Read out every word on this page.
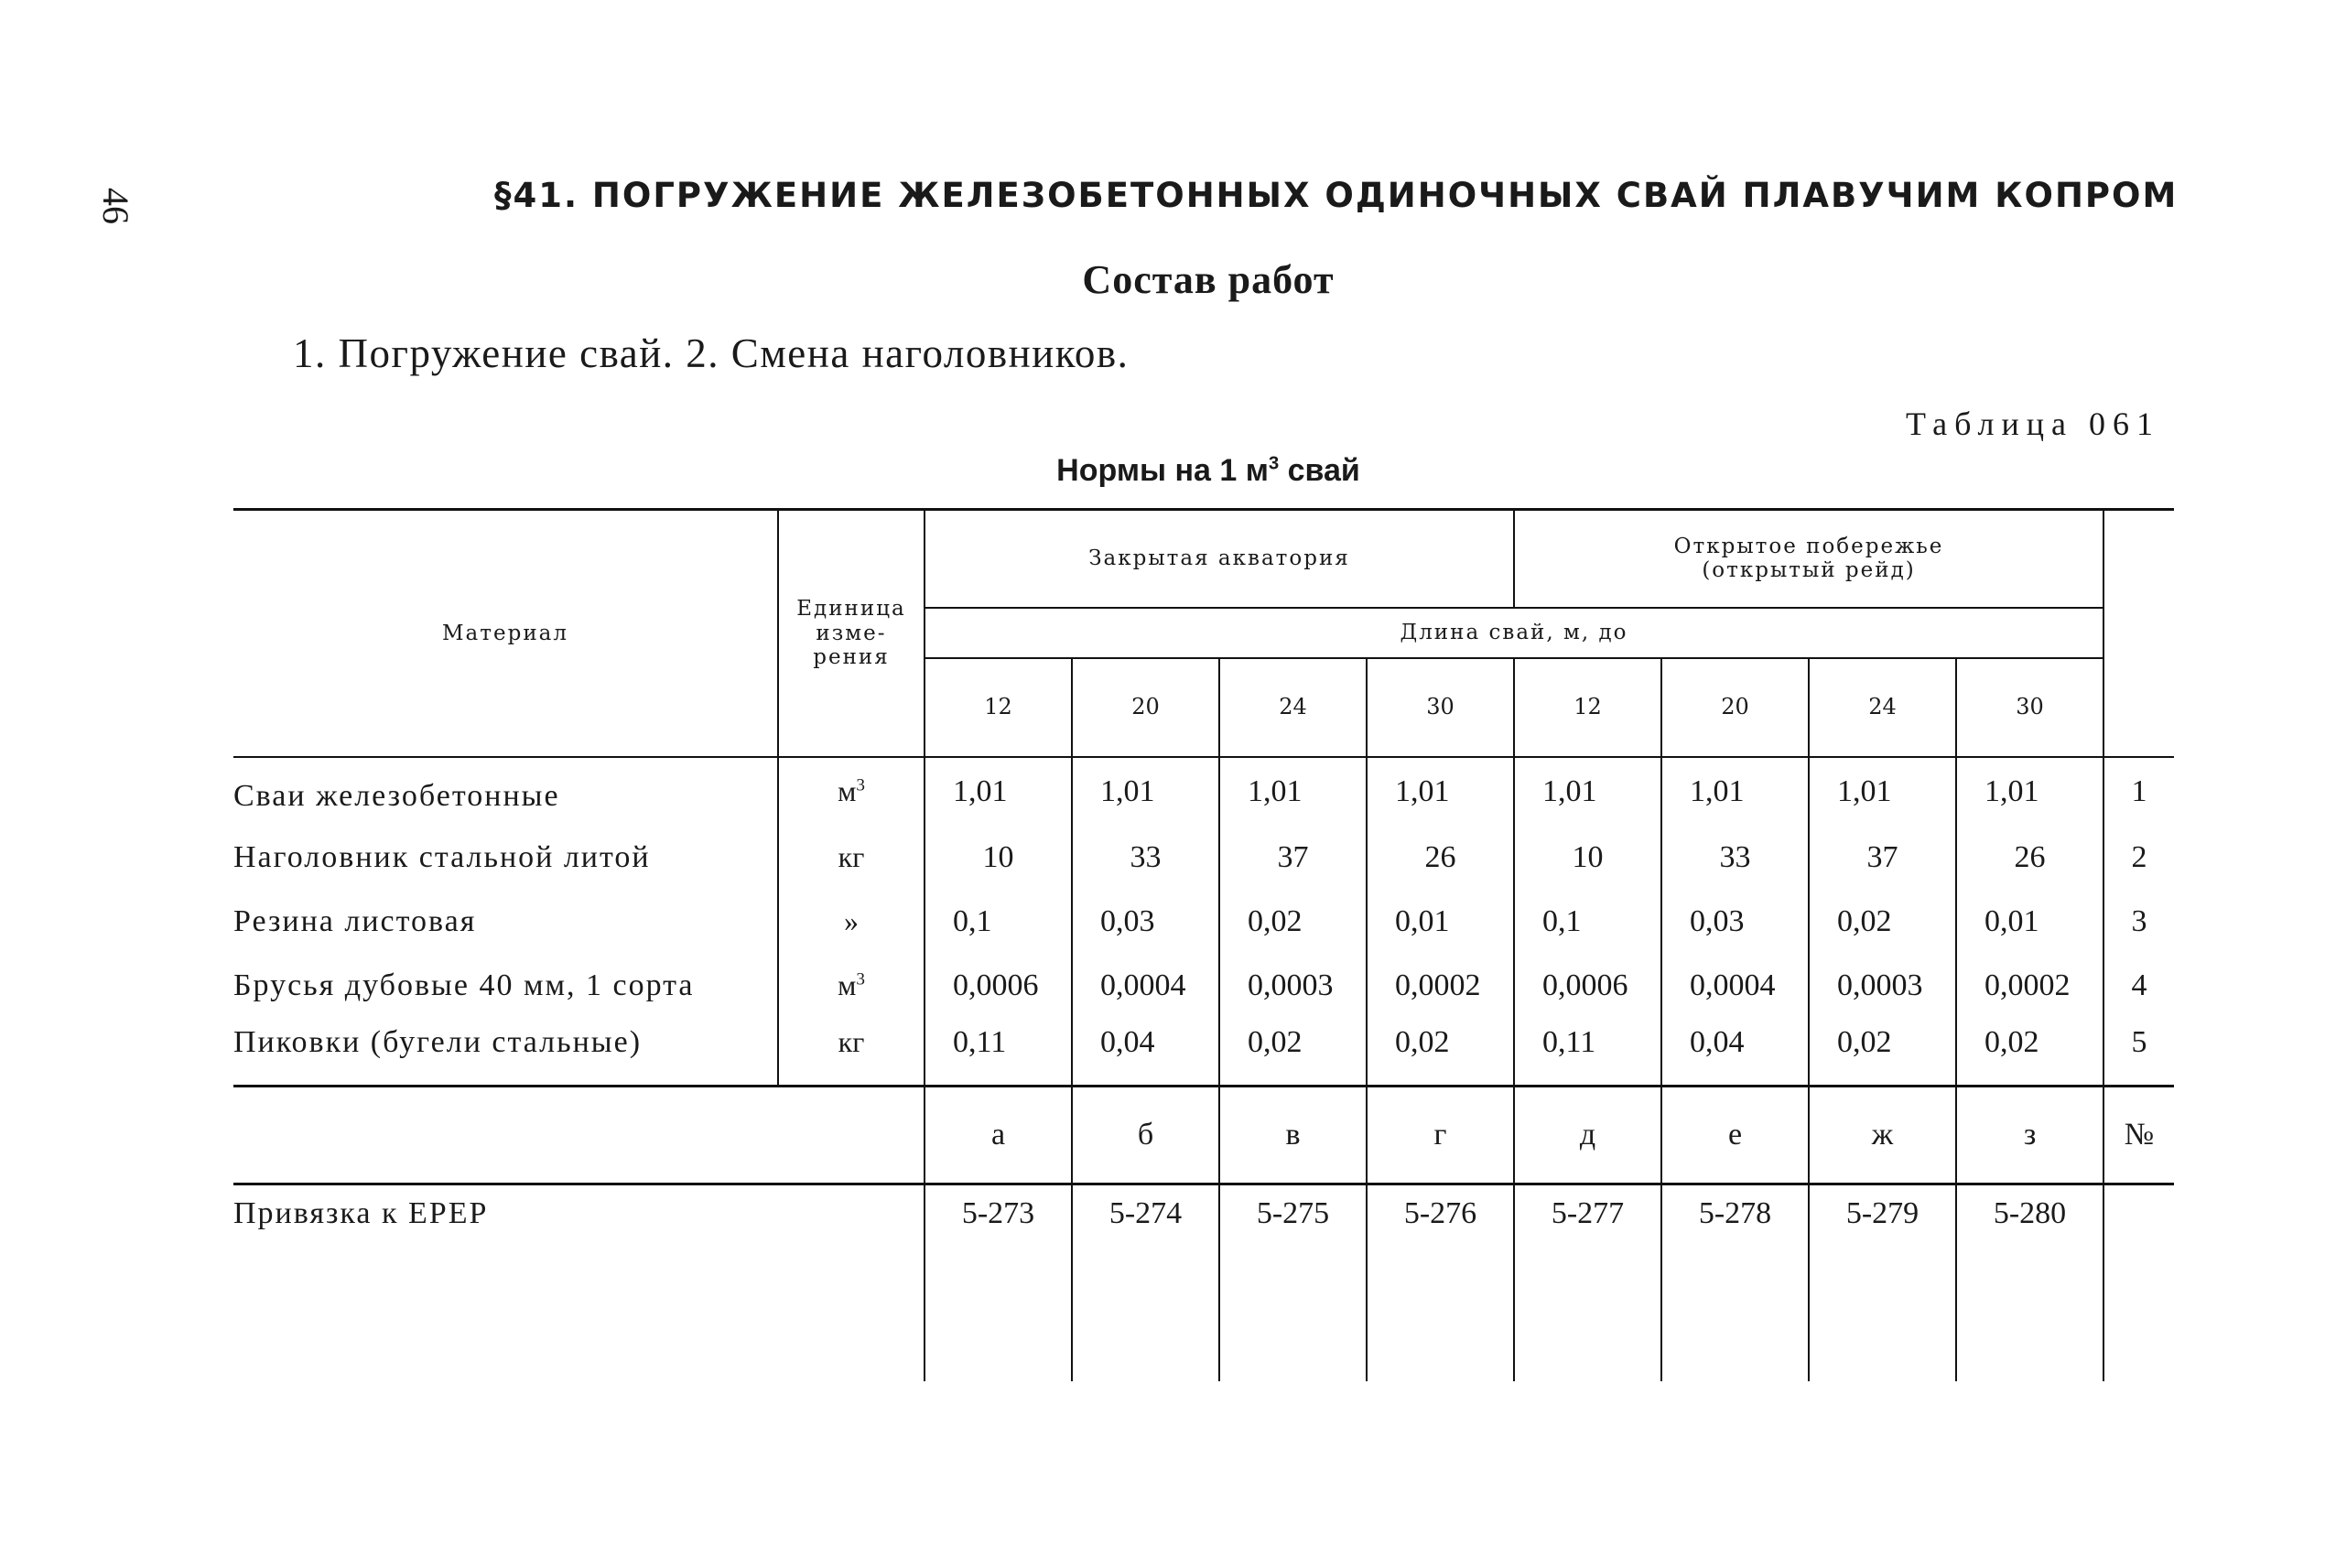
46	§41. ПОГРУЖЕНИЕ ЖЕЛЕЗОБЕТОННЫХ ОДИНОЧНЫХ СВАЙ ПЛАВУЧИМ КОПРОМ
Состав работ
1. Погружение свай. 2. Смена наголовников.
Таблица 061
Нормы на 1 $м^3$ свай
Материал	Единица изме- рения	Закрытая акватория				Открытое побережье
(открытый рейд)				

		Длина свай, м, до								
		12	20	24	30	12	20	24	30	
Сваи железобетонные	$м^3$	1,01	1,01	1,01	1,01	1,01	1,01	1,01	1,01	1
Наголовник стальной литой	кг	10	33	37	26	10	33	37	26	2
Резина листовая	»	0,1	0,03	0,02	0,01	0,1	0,03	0,02	0,01	3
Брусья дубовые 40 мм, 1 сорта	$м^3$	0,0006	0,0004	0,0003	0,0002	0,0006	0,0004	0,0003	0,0002	4
Пиковки (бугели стальные)	кг	0,11	0,04	0,02	0,02	0,11	0,04	0,02	0,02	5
		а	б	в	г	д	е	ж	з	№
Привязка к ЕРЕР		5-273	5-274	5-275	5-276	5-277	5-278	5-279	5-280	
